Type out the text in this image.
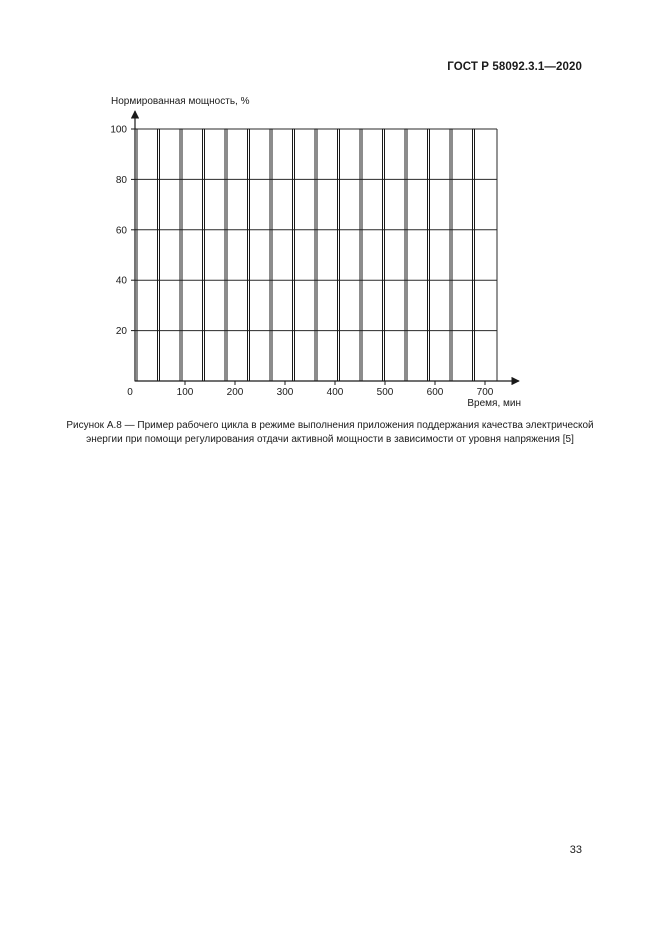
ГОСТ Р 58092.3.1—2020
20
40
60
80
100
0	100	200	300	400	500	600	700
Нормированная мощность, %
Время, мин
Рисунок А.8 — Пример рабочего цикла в режиме выполнения приложения поддержания качества электрической
энергии при помощи регулирования отдачи активной мощности в зависимости от уровня напряжения [5]
33
